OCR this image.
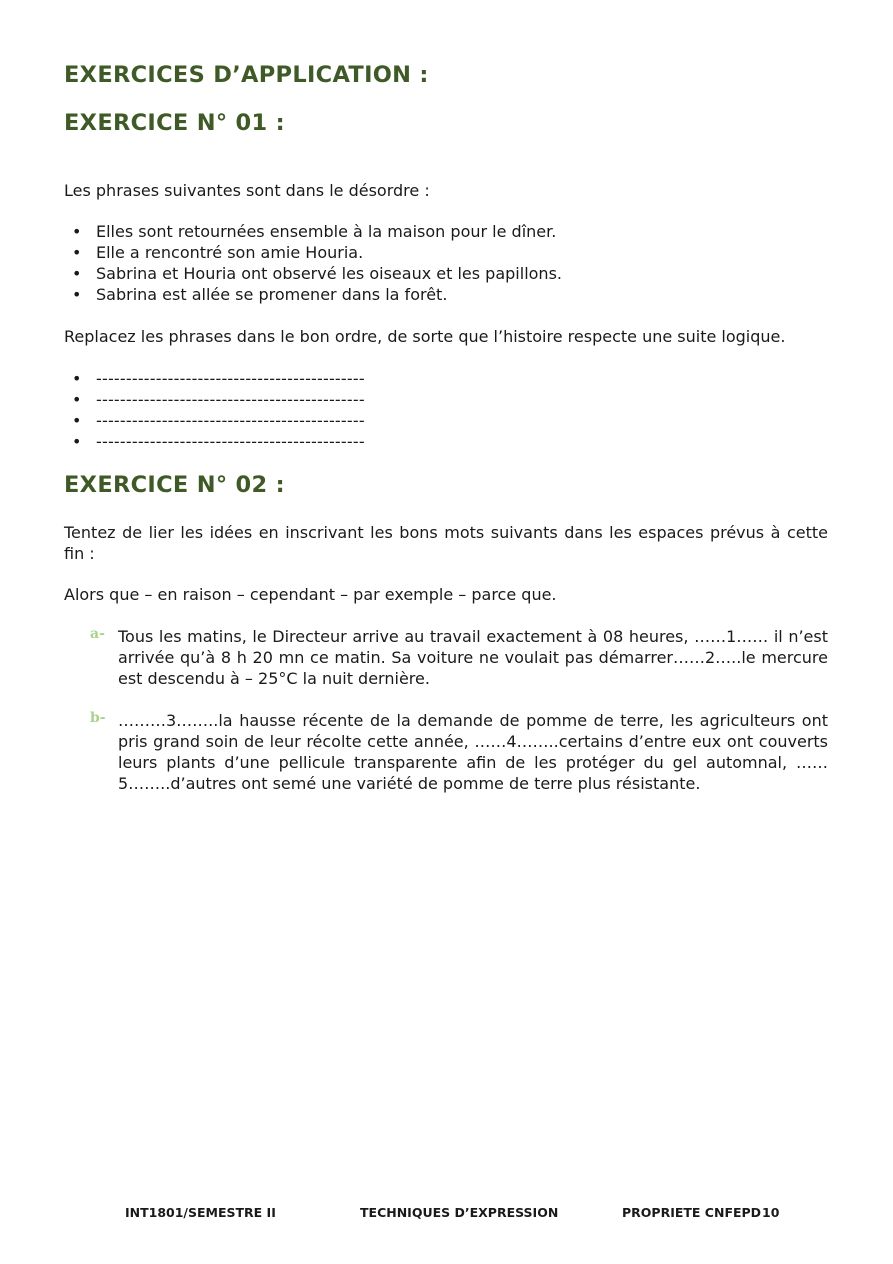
EXERCICES D’APPLICATION :
EXERCICE N° 01 :

Les phrases suivantes sont dans le désordre :

• Elles sont retournées ensemble à la maison pour le dîner.
• Elle a rencontré son amie Houria.
• Sabrina et Houria ont observé les oiseaux et les papillons.
• Sabrina est allée se promener dans la forêt.

Replacez les phrases dans le bon ordre, de sorte que l’histoire respecte une suite logique.

• ---------------------------------------------
• ---------------------------------------------
• ---------------------------------------------
• ---------------------------------------------
EXERCICE N° 02 :

Tentez de lier les idées en inscrivant les bons mots suivants dans les espaces prévus à cette fin :

Alors que – en raison – cependant – par exemple – parce que.

a- Tous les matins, le Directeur arrive au travail exactement à 08 heures, ……1…… il n’est arrivée qu’à 8 h 20 mn ce matin. Sa voiture ne voulait pas démarrer……2…..le mercure est descendu à – 25°C la nuit dernière.

b- ………3……..la hausse récente de la demande de pomme de terre, les agriculteurs ont pris grand soin de leur récolte cette année, ……4……..certains d’entre eux ont couverts leurs plants d’une pellicule transparente afin de les protéger du gel automnal, ……5……..d’autres ont semé une variété de pomme de terre plus résistante.

INT1801/SEMESTRE II	TECHNIQUES D’EXPRESSION	PROPRIETE CNFEPD 10
